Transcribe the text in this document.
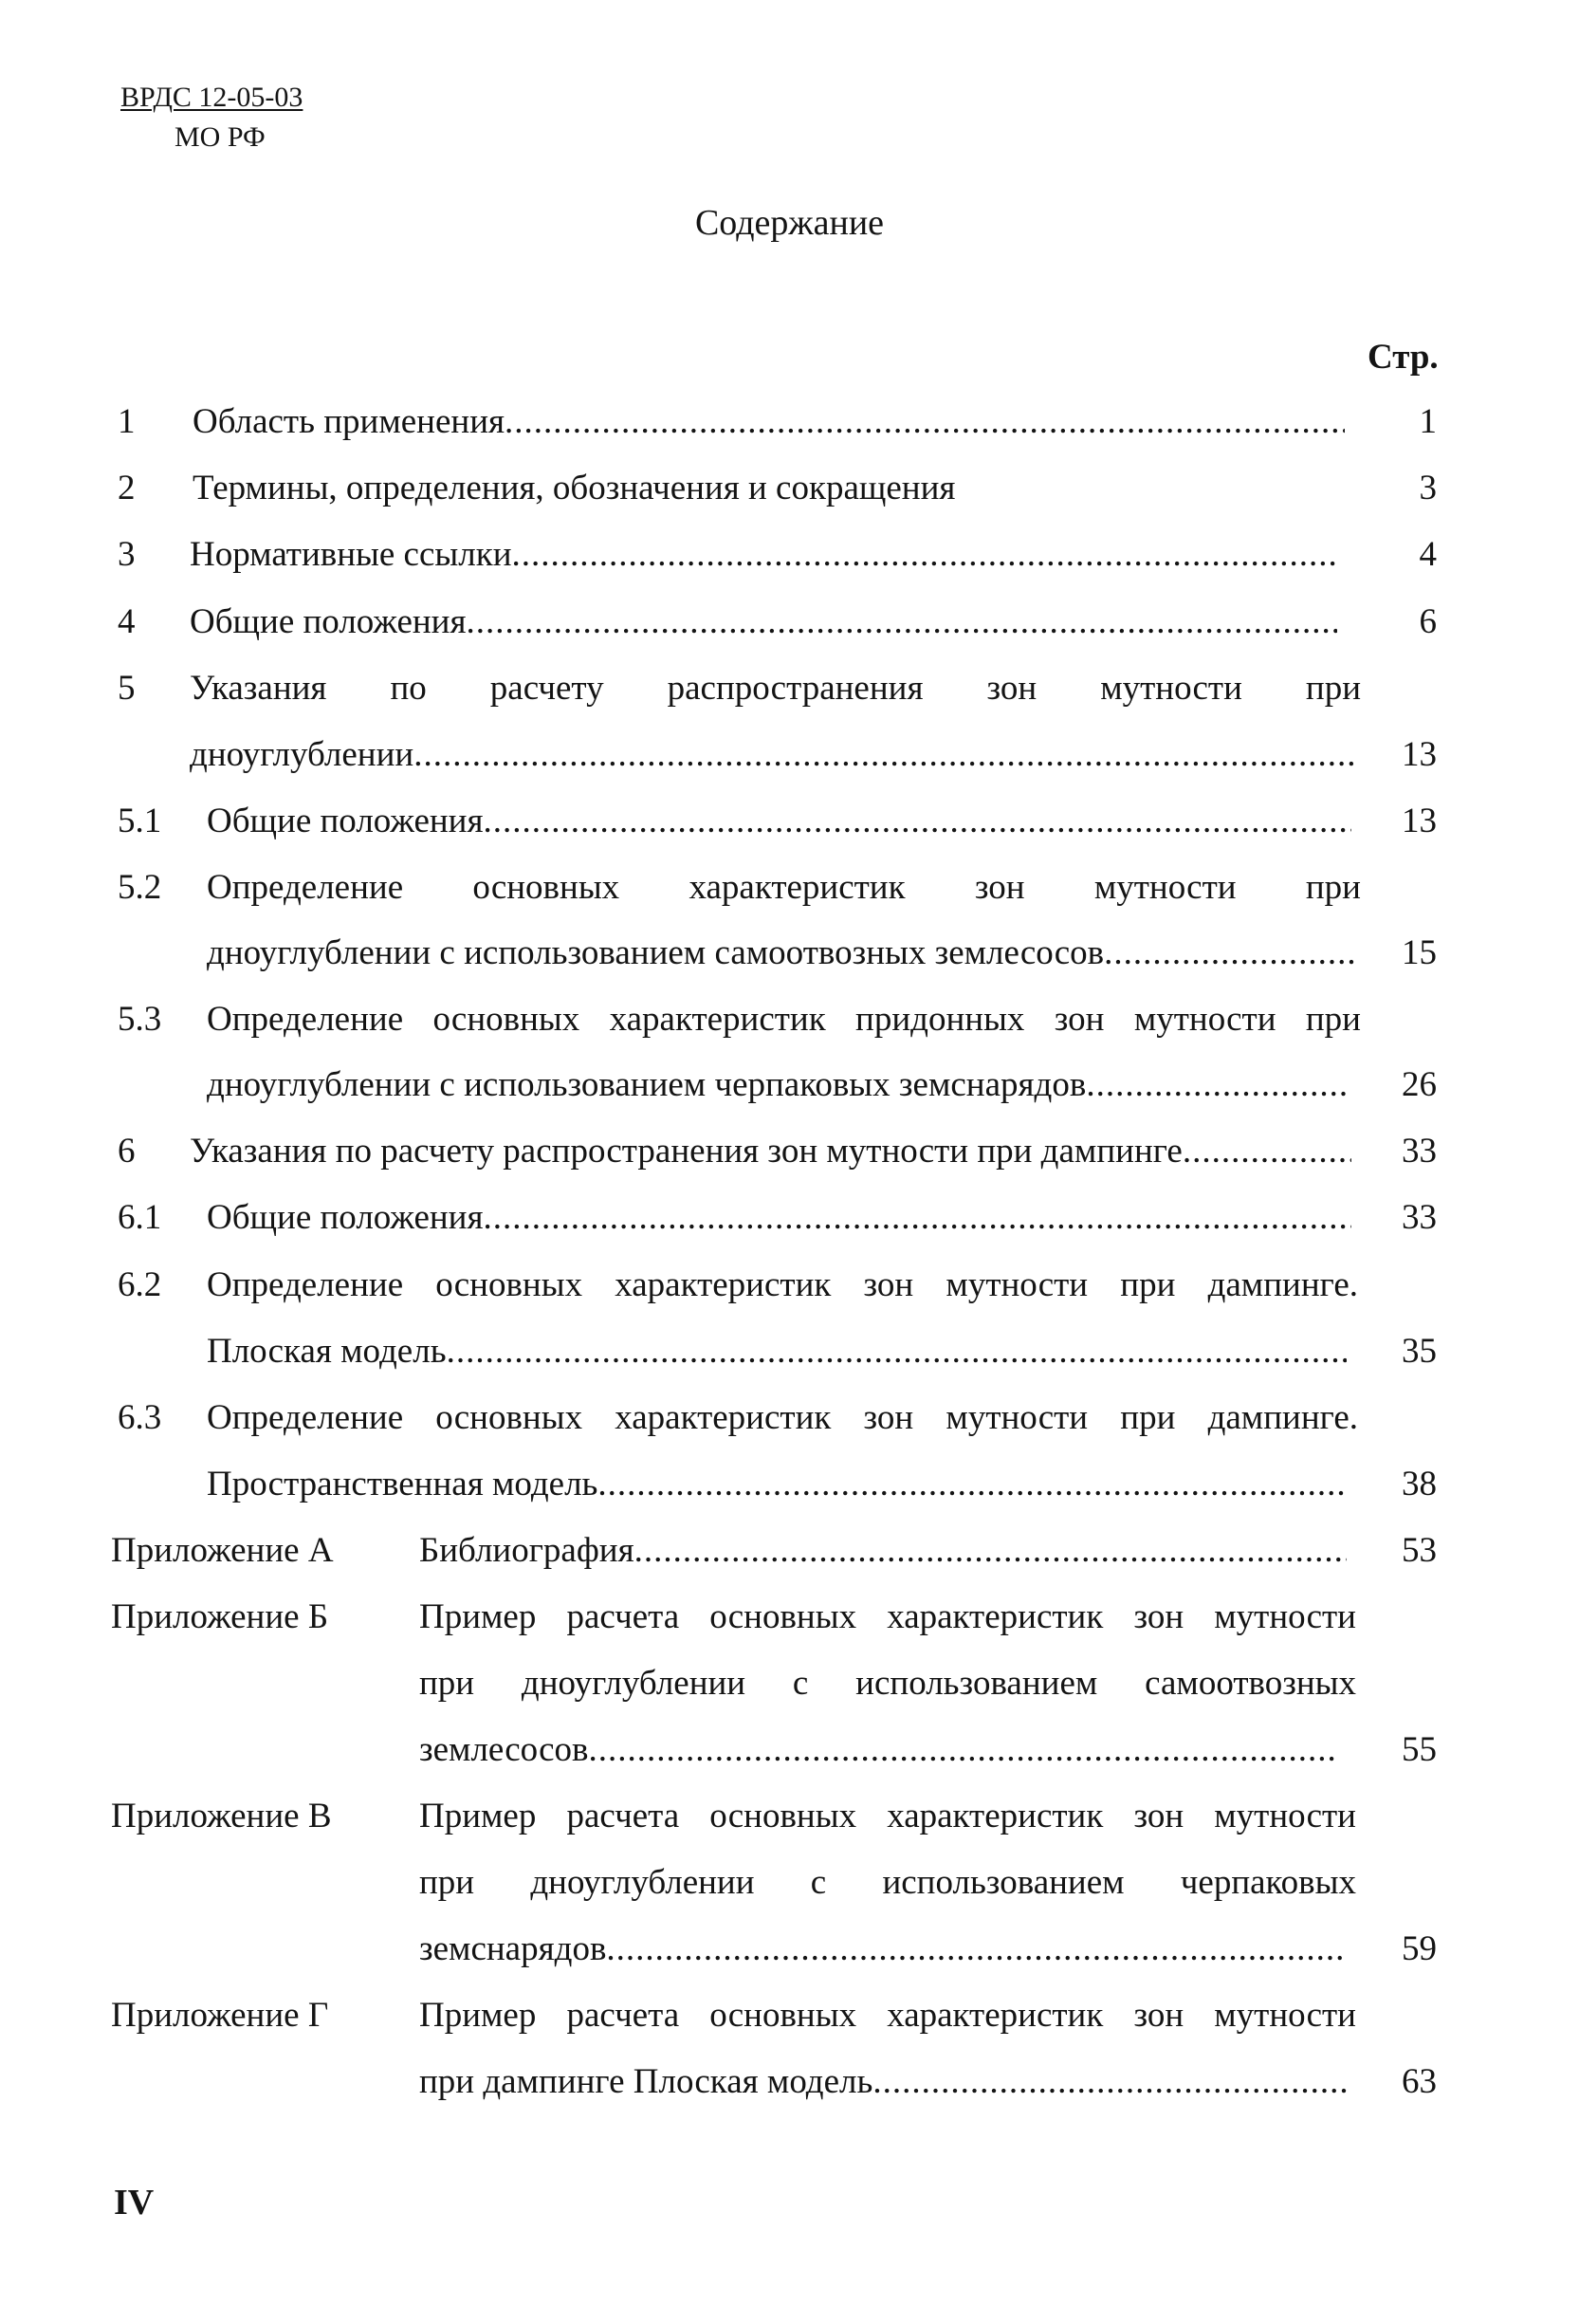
ВРДС 12-05-03
МО РФ
Содержание
Стр.
1 Область применения .....	1
2 Термины, определения, обозначения и сокращения	3
3 Нормативные ссылки .....	4
4 Общие положения .....	6
5 Указания по расчету распространения зон мутности при
дноуглублении .....	13
5.1 Общие положения .....	13
5.2 Определение основных характеристик зон мутности при
дноуглублении с использованием самоотвозных землесосов .....	15
5.3 Определение основных характеристик придонных зон мутности при
дноуглублении с использованием черпаковых земснарядов .....	26
6 Указания по расчету распространения зон мутности при дампинге .....	33
6.1 Общие положения .....	33
6.2 Определение основных характеристик зон мутности при дампинге.
Плоская модель .....	35
6.3 Определение основных характеристик зон мутности при дампинге.
Пространственная модель .....	38
Приложение А Библиография .....	53
Приложение Б	Пример расчета основных характеристик зон мутности
при дноуглублении с использованием самоотвозных
землесосов .....	55
Приложение В Пример расчета основных характеристик зон мутности
при дноуглублении с использованием черпаковых
земснарядов .....	59
Приложение Г	Пример расчета основных характеристик зон мутности
при дампинге Плоская модель .....	63
IV
